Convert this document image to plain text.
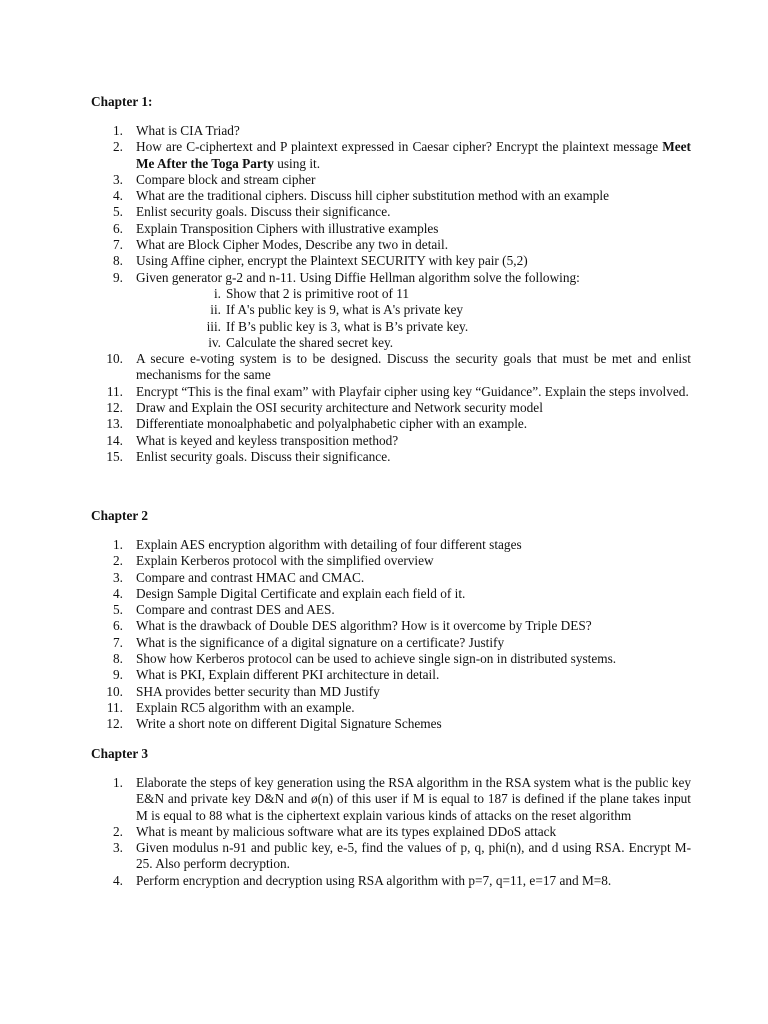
Chapter 1:
1. What is CIA Triad?
2. How are C-ciphertext and P plaintext expressed in Caesar cipher? Encrypt the plaintext message Meet Me After the Toga Party using it.
3. Compare block and stream cipher
4. What are the traditional ciphers. Discuss hill cipher substitution method with an example
5. Enlist security goals. Discuss their significance.
6. Explain Transposition Ciphers with illustrative examples
7. What are Block Cipher Modes, Describe any two in detail.
8. Using Affine cipher, encrypt the Plaintext SECURITY with key pair (5,2)
9. Given generator g-2 and n-11. Using Diffie Hellman algorithm solve the following:
i. Show that 2 is primitive root of 11
ii. If A's public key is 9, what is A's private key
iii. If B’s public key is 3, what is B’s private key.
iv. Calculate the shared secret key.
10. A secure e-voting system is to be designed. Discuss the security goals that must be met and enlist mechanisms for the same
11. Encrypt “This is the final exam” with Playfair cipher using key “Guidance”. Explain the steps involved.
12. Draw and Explain the OSI security architecture and Network security model
13. Differentiate monoalphabetic and polyalphabetic cipher with an example.
14. What is keyed and keyless transposition method?
15. Enlist security goals. Discuss their significance.
Chapter 2
1. Explain AES encryption algorithm with detailing of four different stages
2. Explain Kerberos protocol with the simplified overview
3. Compare and contrast HMAC and CMAC.
4. Design Sample Digital Certificate and explain each field of it.
5. Compare and contrast DES and AES.
6. What is the drawback of Double DES algorithm? How is it overcome by Triple DES?
7. What is the significance of a digital signature on a certificate? Justify
8. Show how Kerberos protocol can be used to achieve single sign-on in distributed systems.
9. What is PKI, Explain different PKI architecture in detail.
10. SHA provides better security than MD Justify
11. Explain RC5 algorithm with an example.
12. Write a short note on different Digital Signature Schemes
Chapter 3
1. Elaborate the steps of key generation using the RSA algorithm in the RSA system what is the public key E&N and private key D&N and ø(n) of this user if M is equal to 187 is defined if the plane takes input M is equal to 88 what is the ciphertext explain various kinds of attacks on the reset algorithm
2. What is meant by malicious software what are its types explained DDoS attack
3. Given modulus n-91 and public key, e-5, find the values of p, q, phi(n), and d using RSA. Encrypt M-25. Also perform decryption.
4. Perform encryption and decryption using RSA algorithm with p=7, q=11, e=17 and M=8.
